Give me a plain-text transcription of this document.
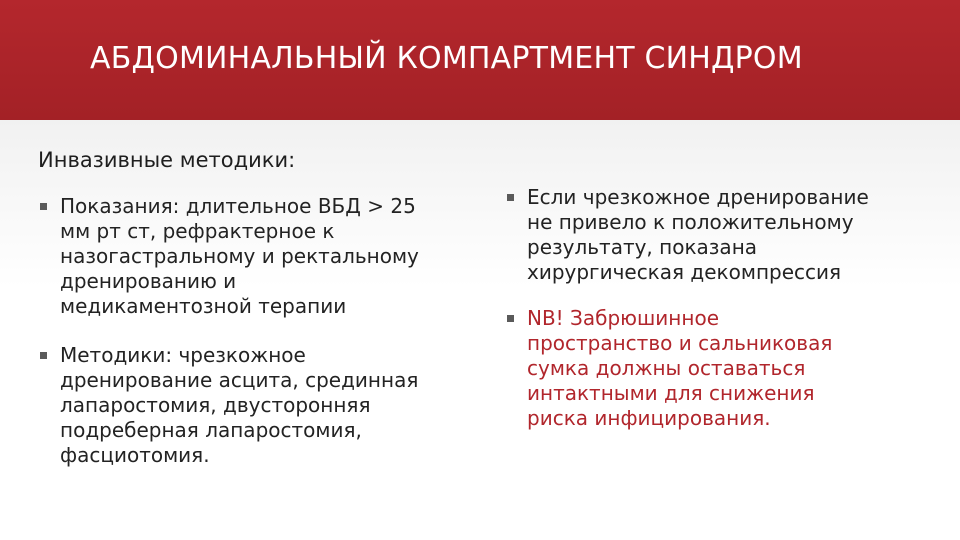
АБДОМИНАЛЬНЫЙ КОМПАРТМЕНТ СИНДРОМ
Инвазивные методики:
Показания: длительное ВБД > 25
мм рт ст, рефрактерное к
назогастральному и ректальному
дренированию и
медикаментозной терапии
Методики: чрезкожное
дренирование асцита, срединная
лапаростомия, двусторонняя
подреберная лапаростомия,
фасциотомия.
Если чрезкожное дренирование
не привело к положительному
результату, показана
хирургическая декомпрессия
NB! Забрюшинное
пространство и сальниковая
сумка должны оставаться
интактными для снижения
риска инфицирования.
